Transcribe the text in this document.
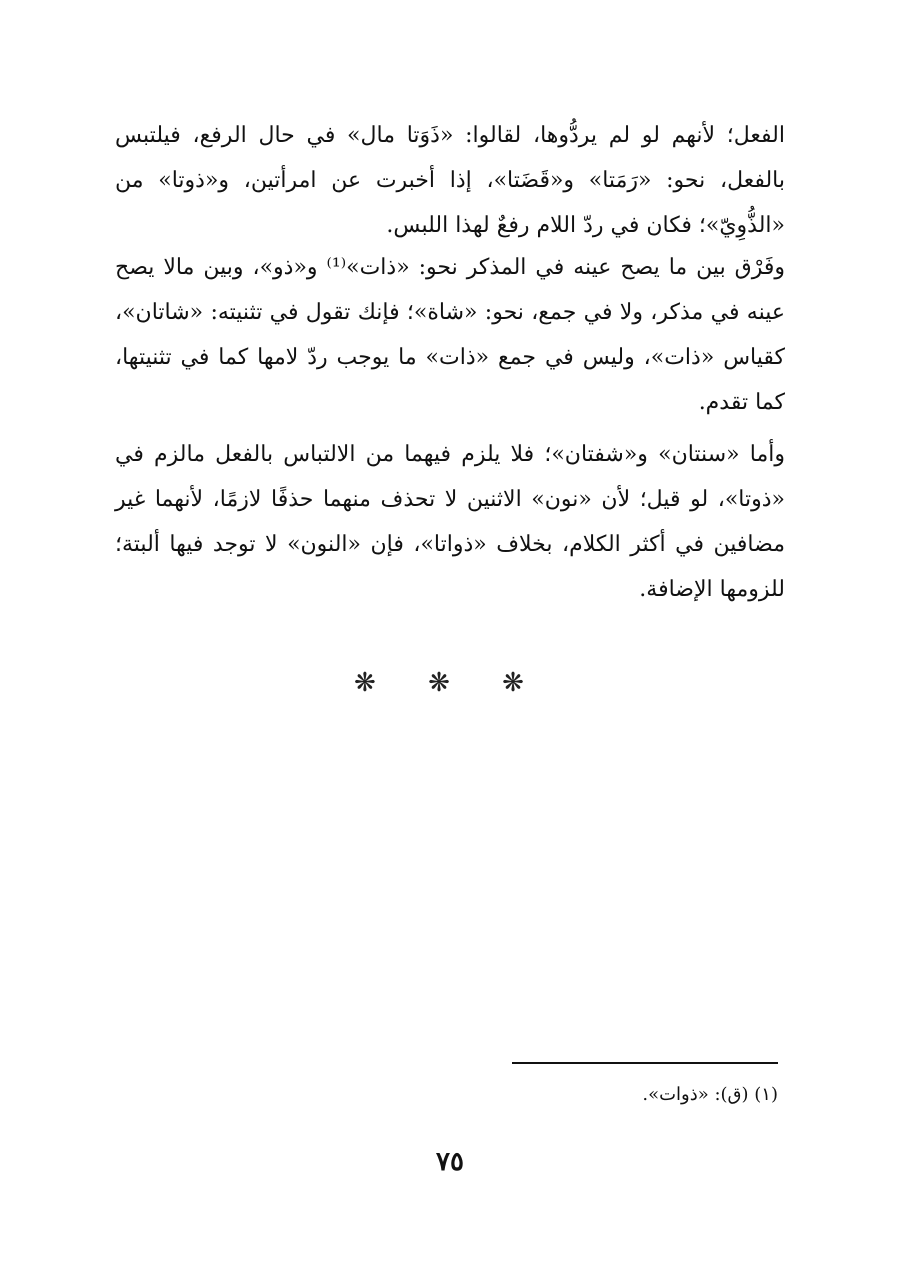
الفعل؛ لأنهم لو لم يردُّوها، لقالوا: «ذَوَتا مال» في حال الرفع، فيلتبس بالفعل، نحو: «رَمَتا» و«قَضَتا»، إذا أخبرت عن امرأتين، و«ذوتا» من «الذُّوِيّ»؛ فكان في ردّ اللام رفعٌ لهذا اللبس.

وفَرْق بين ما يصح عينه في المذكر نحو: «ذات»⁽¹⁾ و«ذو»، وبين مالا يصح عينه في مذكر، ولا في جمع، نحو: «شاة»؛ فإنك تقول في تثنيته: «شاتان»، كقياس «ذات»، وليس في جمع «ذات» ما يوجب ردّ لامها كما في تثنيتها، كما تقدم.

وأما «سنتان» و«شفتان»؛ فلا يلزم فيهما من الالتباس بالفعل مالزم في «ذوتا»، لو قيل؛ لأن «نون» الاثنين لا تحذف منهما حذفًا لازمًا، لأنهما غير مضافين في أكثر الكلام، بخلاف «ذواتا»، فإن «النون» لا توجد فيها ألبتة؛ للزومها الإضافة.

❋ ❋ ❋

(١) (ق): «ذوات».

٧٥
